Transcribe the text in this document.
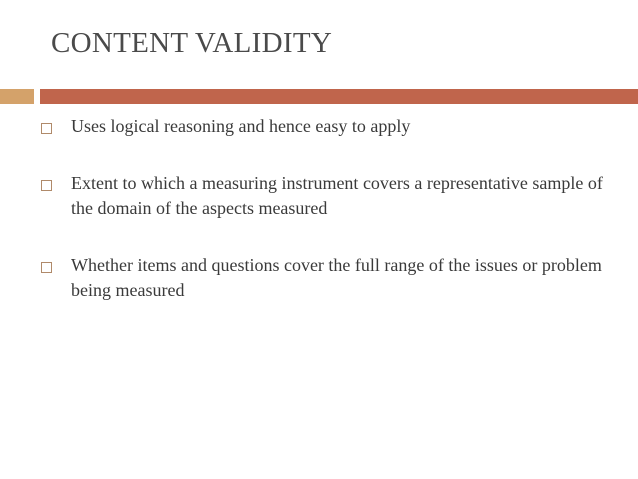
CONTENT VALIDITY
Uses logical reasoning and hence easy to apply
Extent to which a measuring instrument covers a representative sample of the domain of the aspects measured
Whether items and questions cover the full range of the issues or problem being measured
